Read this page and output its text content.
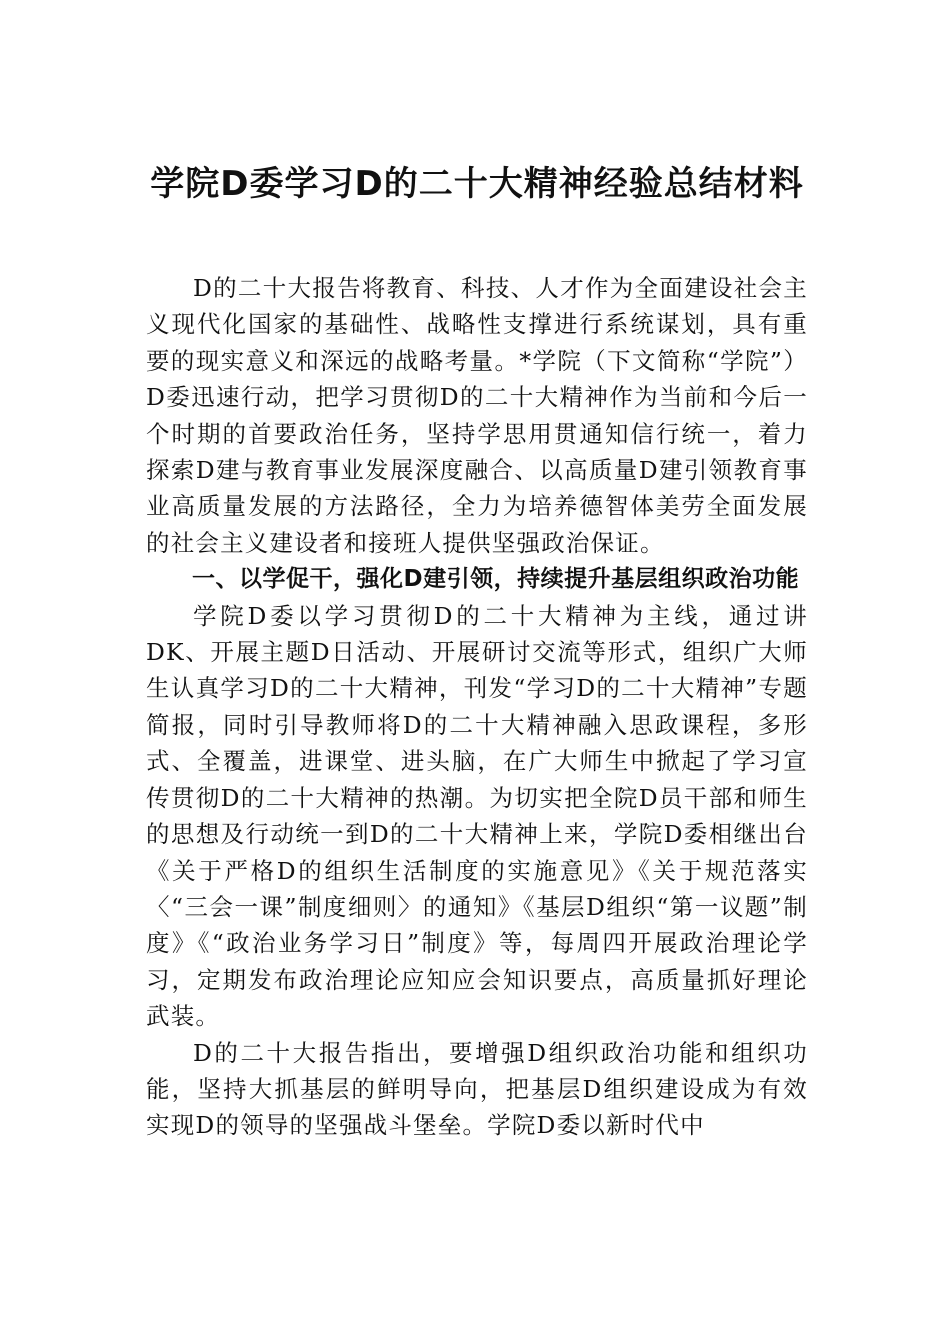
学院D委学习D的二十大精神经验总结材料

D的二十大报告将教育、科技、人才作为全面建设社会主义现代化国家的基础性、战略性支撑进行系统谋划，具有重要的现实意义和深远的战略考量。*学院（下文简称“学院”）D委迅速行动，把学习贯彻D的二十大精神作为当前和今后一个时期的首要政治任务，坚持学思用贯通知信行统一，着力探索D建与教育事业发展深度融合、以高质量D建引领教育事业高质量发展的方法路径，全力为培养德智体美劳全面发展的社会主义建设者和接班人提供坚强政治保证。

一、以学促干，强化D建引领，持续提升基层组织政治功能

学院D委以学习贯彻D的二十大精神为主线，通过讲DK、开展主题D日活动、开展研讨交流等形式，组织广大师生认真学习D的二十大精神，刊发“学习D的二十大精神”专题简报，同时引导教师将D的二十大精神融入思政课程，多形式、全覆盖，进课堂、进头脑，在广大师生中掀起了学习宣传贯彻D的二十大精神的热潮。为切实把全院D员干部和师生的思想及行动统一到D的二十大精神上来，学院D委相继出台《关于严格D的组织生活制度的实施意见》《关于规范落实〈“三会一课”制度细则〉的通知》《基层D组织“第一议题”制度》《“政治业务学习日”制度》等，每周四开展政治理论学习，定期发布政治理论应知应会知识要点，高质量抓好理论武装。

D的二十大报告指出，要增强D组织政治功能和组织功能，坚持大抓基层的鲜明导向，把基层D组织建设成为有效实现D的领导的坚强战斗堡垒。学院D委以新时代中
